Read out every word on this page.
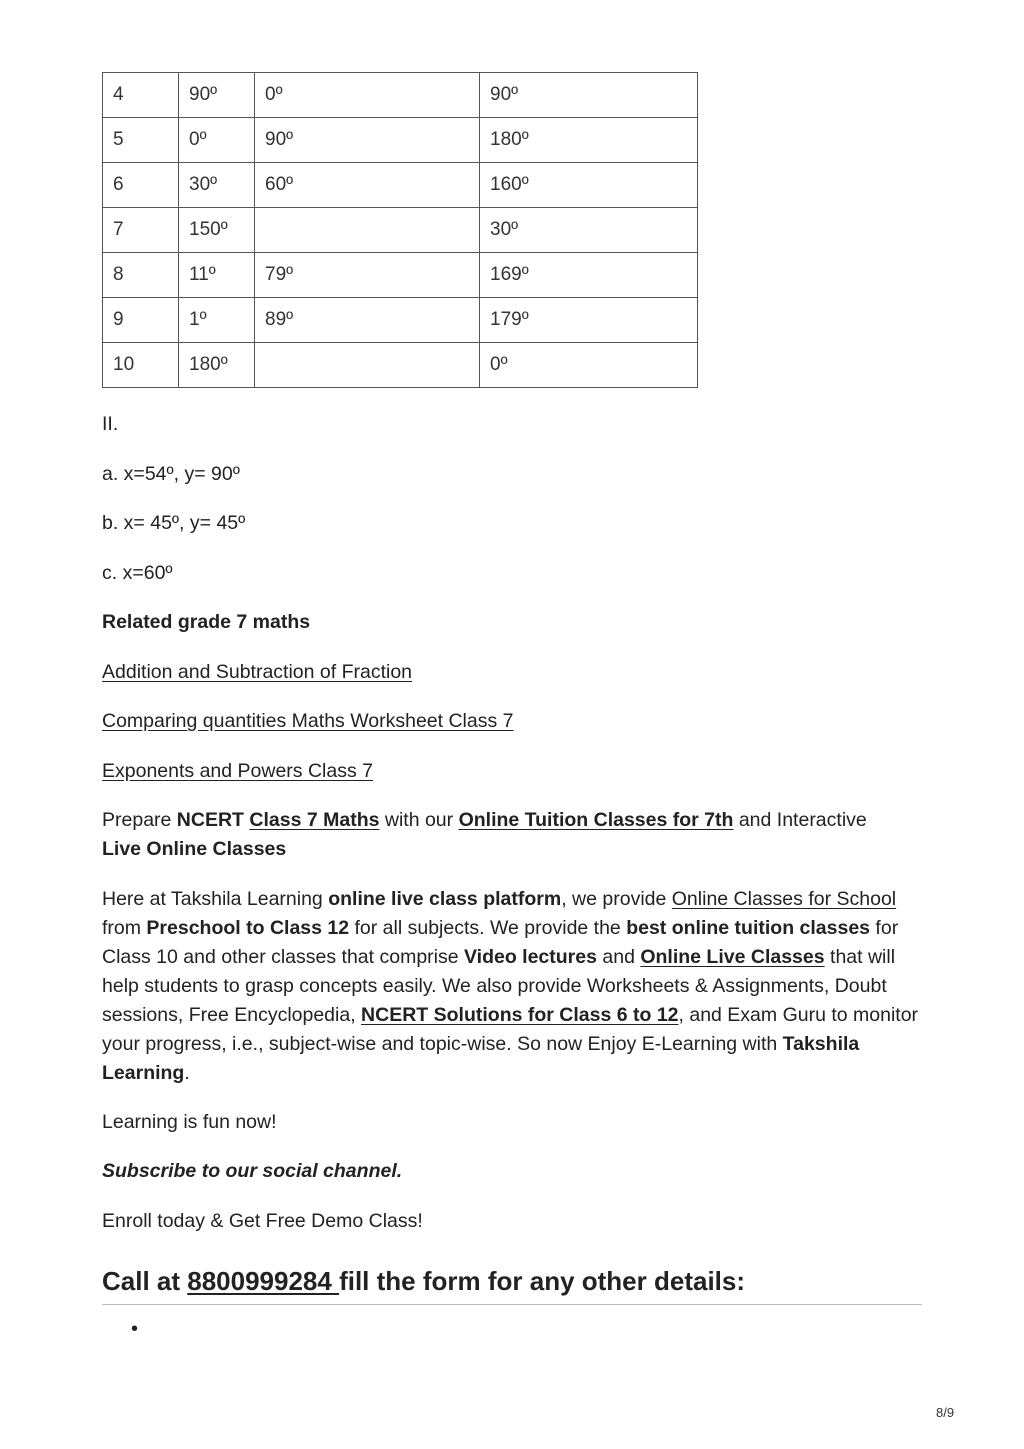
4	90º	0º	90º
5	0º	90º	180º
6	30º	60º	160º
7	150º		30º
8	11º	79º	169º
9	1º	89º	179º
10	180º		0º

II.

a. x=54º, y= 90º

b. x= 45º, y= 45º

c. x=60º

Related grade 7 maths

Addition and Subtraction of Fraction

Comparing quantities Maths Worksheet Class 7

Exponents and Powers Class 7

Prepare NCERT Class 7 Maths with our Online Tuition Classes for 7th and Interactive
Live Online Classes

Here at Takshila Learning online live class platform, we provide Online Classes for School from Preschool to Class 12 for all subjects. We provide the best online tuition classes for Class 10 and other classes that comprise Video lectures and Online Live Classes that will help students to grasp concepts easily. We also provide Worksheets & Assignments, Doubt sessions, Free Encyclopedia, NCERT Solutions for Class 6 to 12, and Exam Guru to monitor your progress, i.e., subject-wise and topic-wise. So now Enjoy E-Learning with Takshila Learning.

Learning is fun now!

Subscribe to our social channel.

Enroll today & Get Free Demo Class!

Call at 8800999284 fill the form for any other details:
•
8/9
